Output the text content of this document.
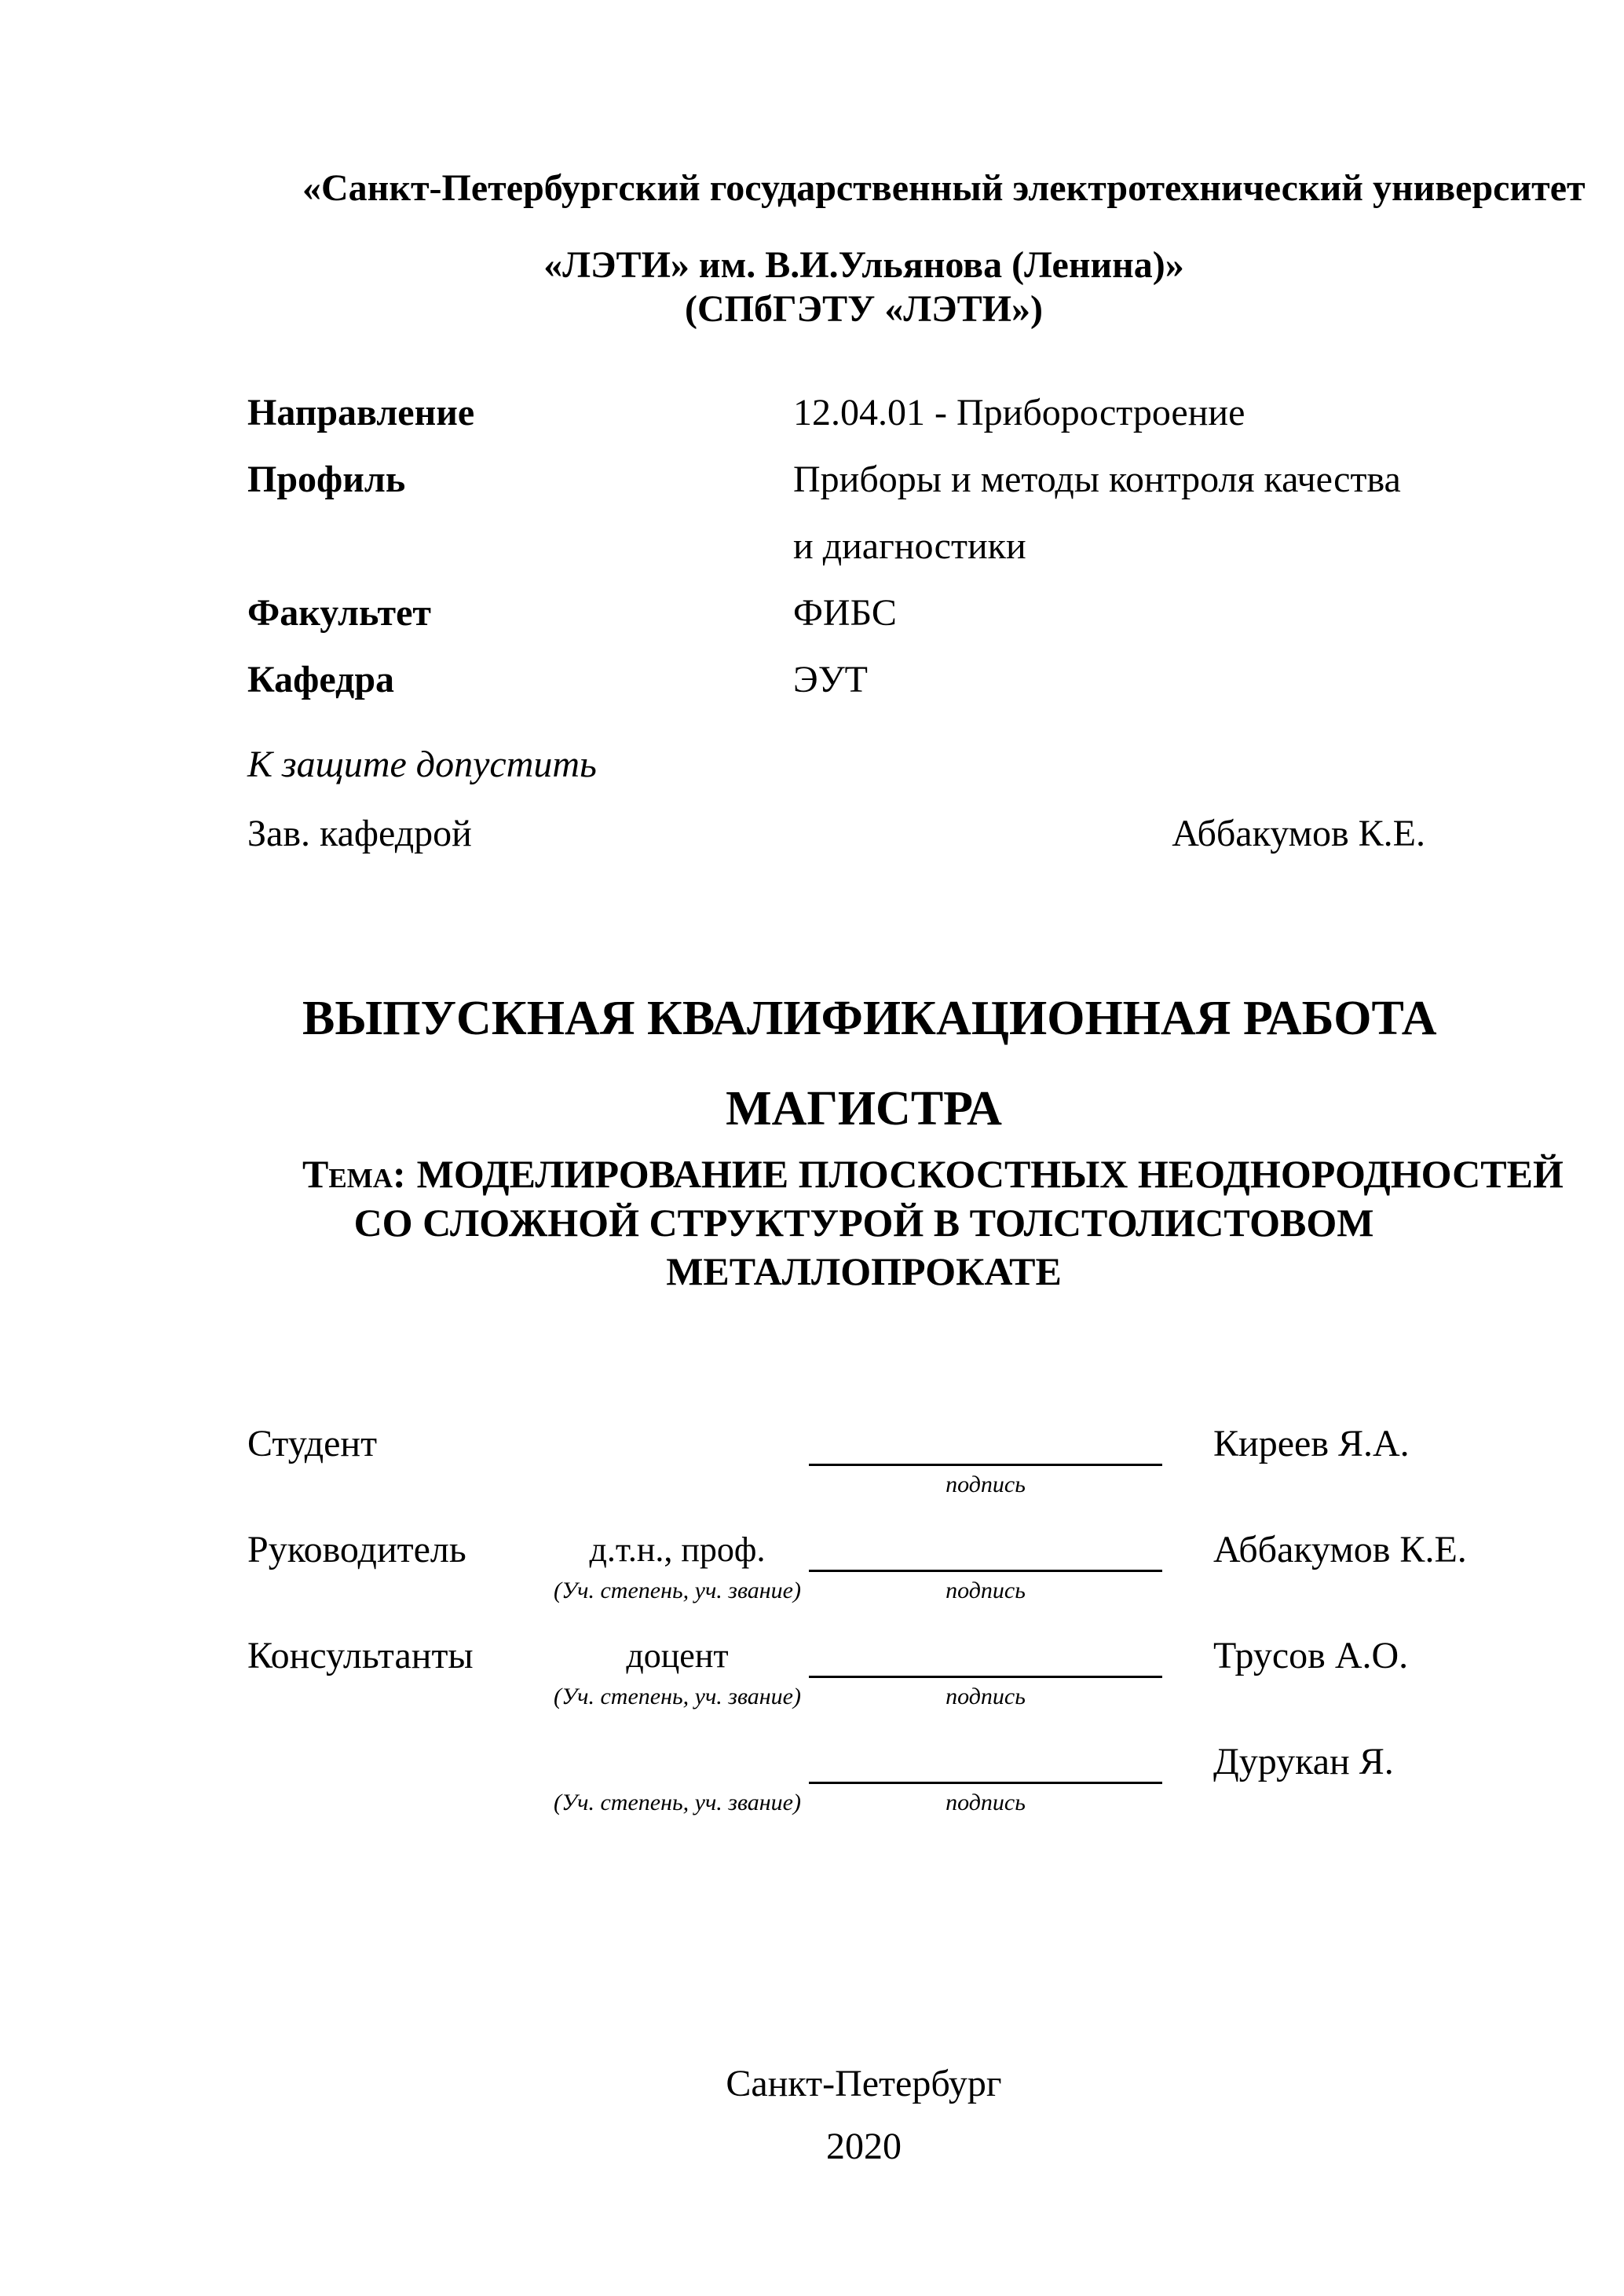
«Санкт-Петербургский государственный электротехнический университет
«ЛЭТИ» им. В.И.Ульянова (Ленина)»
(СПбГЭТУ «ЛЭТИ»)
Направление	12.04.01 - Приборостроение
Профиль	Приборы и методы контроля качества
и диагностики
Факультет	ФИБС
Кафедра	ЭУТ
К защите допустить
Зав. кафедрой	Аббакумов К.Е.
ВЫПУСКНАЯ КВАЛИФИКАЦИОННАЯ РАБОТА
МАГИСТРА
Тема: МОДЕЛИРОВАНИЕ ПЛОСКОСТНЫХ НЕОДНОРОДНОСТЕЙ
СО СЛОЖНОЙ СТРУКТУРОЙ В ТОЛСТОЛИСТОВОМ
МЕТАЛЛОПРОКАТЕ
Студент	Киреев Я.А.
подпись
Руководитель	д.т.н., проф.	Аббакумов К.Е.
(Уч. степень, уч. звание)	подпись
Консультанты	доцент	Трусов А.О.
(Уч. степень, уч. звание)	подпись
Дурукан Я.
(Уч. степень, уч. звание)	подпись
Санкт-Петербург
2020
